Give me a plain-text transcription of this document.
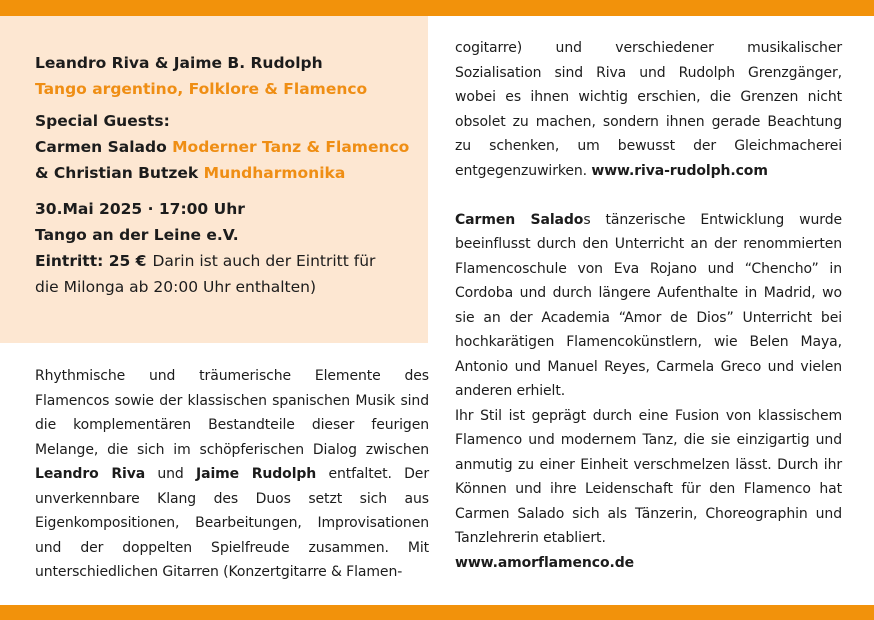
Leandro Riva & Jaime B. Rudolph
Tango argentino, Folklore & Flamenco
Special Guests:
Carmen Salado Moderner Tanz & Flamenco
& Christian Butzek Mundharmonika
30.Mai 2025 · 17:00 Uhr
Tango an der Leine e.V.
Eintritt: 25 € Darin ist auch der Eintritt für
die Milonga ab 20:00 Uhr enthalten)
Rhythmische und träumerische Elemente des Flamencos sowie der klassischen spanischen Musik sind die komplementären Bestandteile dieser feurigen Melange, die sich im schöpferischen Dialog zwischen Leandro Riva und Jaime Rudolph entfaltet. Der unverkennbare Klang des Duos setzt sich aus Eigenkompositionen, Bearbeitungen, Improvisationen und der doppelten Spielfreude zusammen. Mit unterschiedlichen Gitarren (Konzertgitarre & Flamen-
cogitarre) und verschiedener musikalischer Sozialisation sind Riva und Rudolph Grenzgänger, wobei es ihnen wichtig erschien, die Grenzen nicht obsolet zu machen, sondern ihnen gerade Beachtung zu schenken, um bewusst der Gleichmacherei entgegenzuwirken. www.riva-rudolph.com
Carmen Salados tänzerische Entwicklung wurde beeinflusst durch den Unterricht an der renommierten Flamencoschule von Eva Rojano und “Chencho” in Cordoba und durch längere Aufenthalte in Madrid, wo sie an der Academia “Amor de Dios” Unterricht bei hochkarätigen Flamencokünstlern, wie Belen Maya, Antonio und Manuel Reyes, Carmela Greco und vielen anderen erhielt.
Ihr Stil ist geprägt durch eine Fusion von klassischem Flamenco und modernem Tanz, die sie einzigartig und anmutig zu einer Einheit verschmelzen lässt. Durch ihr Können und ihre Leidenschaft für den Flamenco hat Carmen Salado sich als Tänzerin, Choreographin und Tanzlehrerin etabliert.
www.amorflamenco.de
